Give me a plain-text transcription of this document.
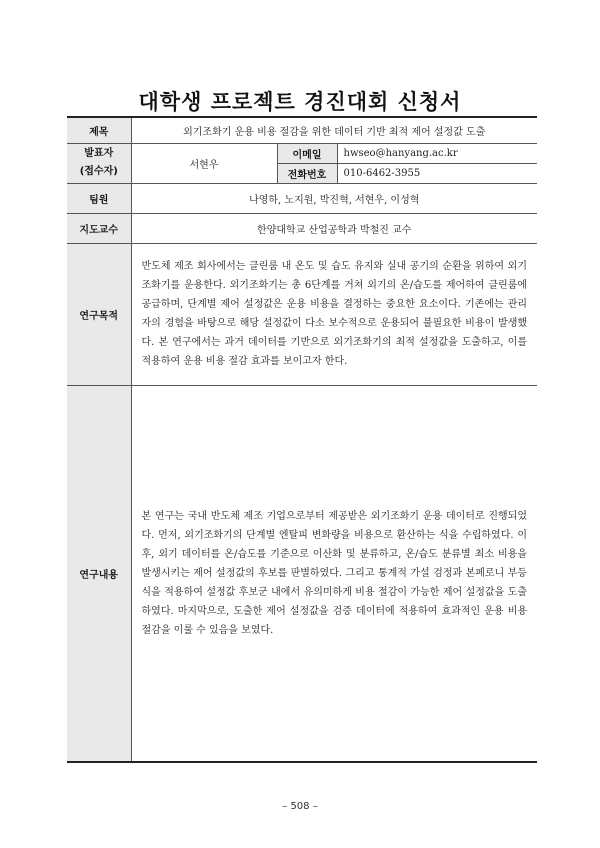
대학생 프로젝트 경진대회 신청서
제목	외기조화기 운용 비용 절감을 위한 데이터 기반 최적 제어 설정값 도출		

발표자
(접수자)	서현우	이메일	hwseo@hanyang.ac.kr
		전화번호	010-6462-3955
팀원	나영하, 노지원, 박진혁, 서현우, 이성혁		
지도교수	한양대학교 산업공학과 박철진 교수		
연구목적	반도체 제조 회사에서는 클린룸 내 온도 및 습도 유지와 실내 공기의 순환을 위하여 외기조화기를 운용한다. 외기조화기는 총 6단계를 거쳐 외기의 온/습도를 제어하여 클린룸에 공급하며, 단계별 제어 설정값은 운용 비용을 결정하는 중요한 요소이다. 기존에는 관리자의 경험을 바탕으로 해당 설정값이 다소 보수적으로 운용되어 불필요한 비용이 발생했다. 본 연구에서는 과거 데이터를 기반으로 외기조화기의 최적 설정값을 도출하고, 이를 적용하여 운용 비용 절감 효과를 보이고자 한다.		

연구내용	본 연구는 국내 반도체 제조 기업으로부터 제공받은 외기조화기 운용 데이터로 진행되었다. 먼저, 외기조화기의 단계별 엔탈피 변화량을 비용으로 환산하는 식을 수립하였다. 이후, 외기 데이터를 온/습도를 기준으로 이산화 및 분류하고, 온/습도 분류별 최소 비용을 발생시키는 제어 설정값의 후보를 판별하였다. 그리고 통계적 가설 검정과 본페로니 부등식을 적용하여 설정값 후보군 내에서 유의미하게 비용 절감이 가능한 제어 설정값을 도출하였다. 마지막으로, 도출한 제어 설정값을 검증 데이터에 적용하여 효과적인 운용 비용 절감을 이룰 수 있음을 보였다.		

– 508 –
